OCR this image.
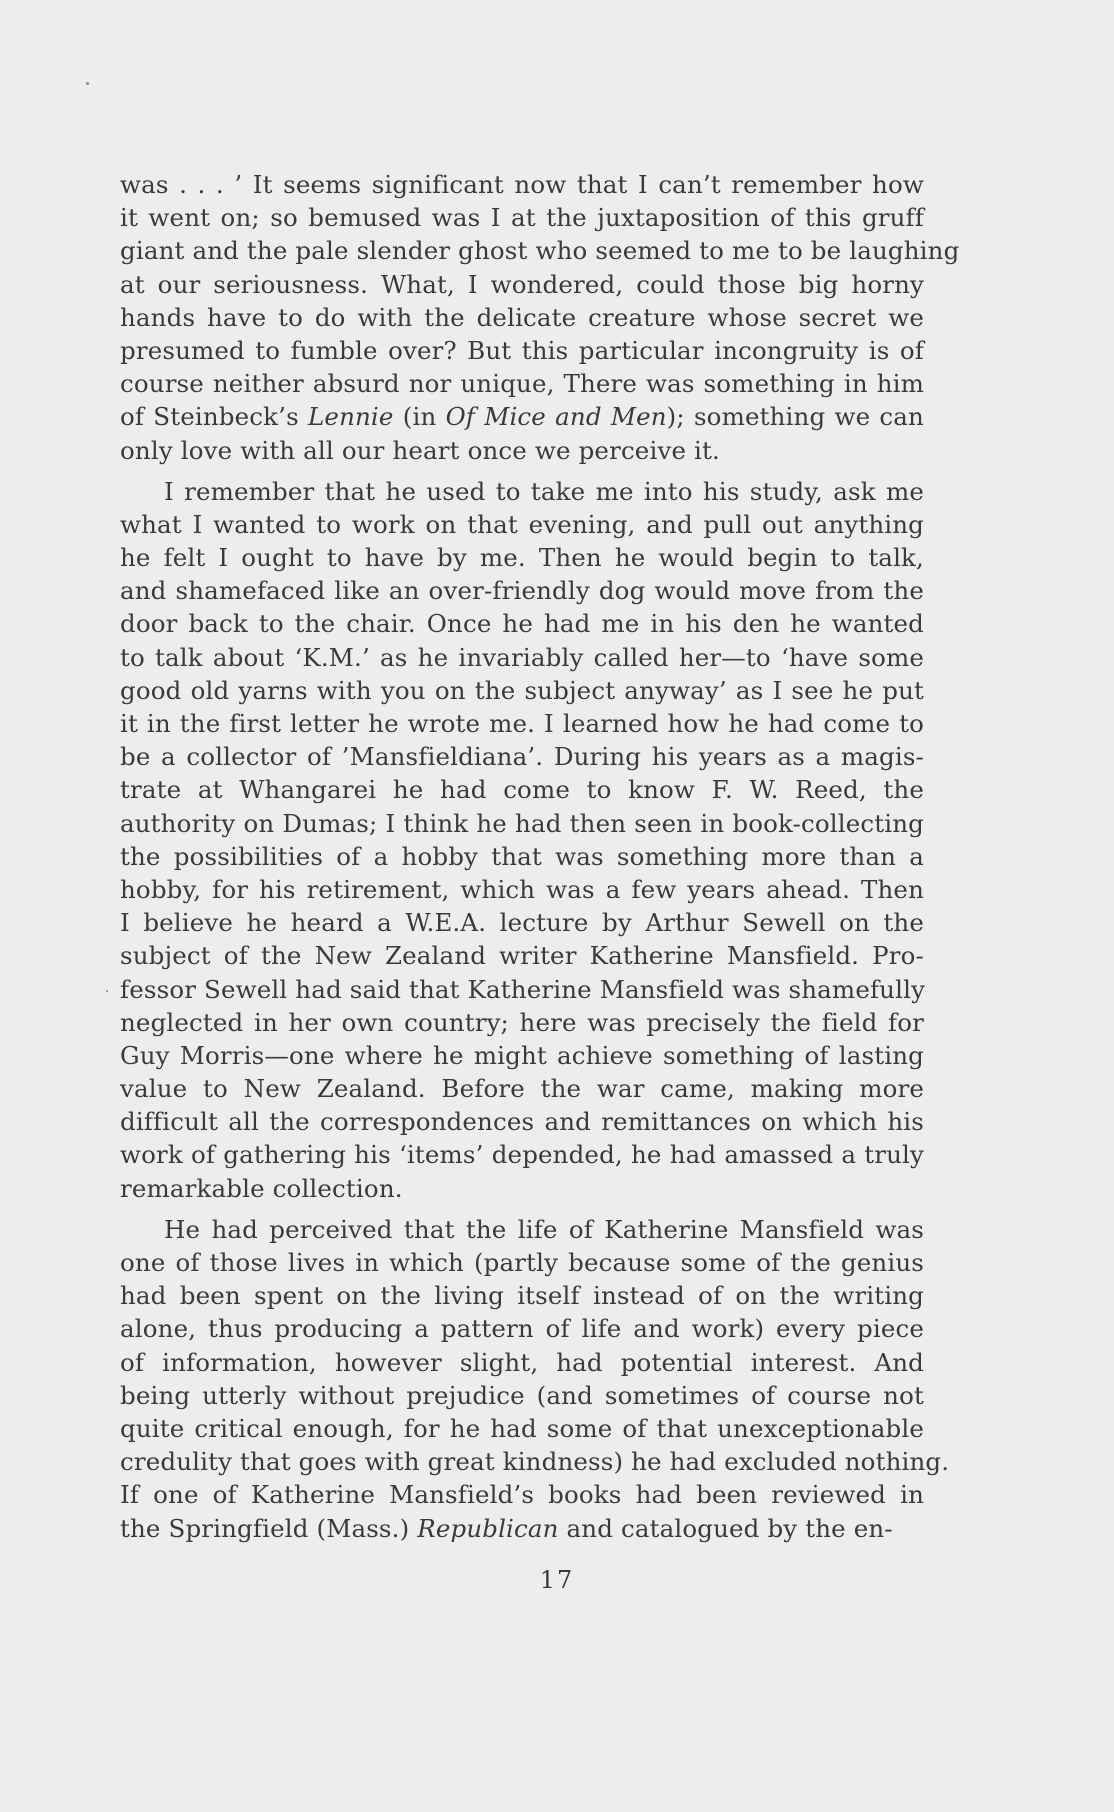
was . . . ’ It seems significant now that I can’t remember how
it went on; so bemused was I at the juxtaposition of this gruff
giant and the pale slender ghost who seemed to me to be laughing
at our seriousness. What, I wondered, could those big horny
hands have to do with the delicate creature whose secret we
presumed to fumble over? But this particular incongruity is of
course neither absurd nor unique, There was something in him
of Steinbeck’s Lennie (in Of Mice and Men); something we can
only love with all our heart once we perceive it.
I remember that he used to take me into his study, ask me
what I wanted to work on that evening, and pull out anything
he felt I ought to have by me. Then he would begin to talk,
and shamefaced like an over-friendly dog would move from the
door back to the chair. Once he had me in his den he wanted
to talk about ‘K.M.’ as he invariably called her—to ‘have some
good old yarns with you on the subject anyway’ as I see he put
it in the first letter he wrote me. I learned how he had come to
be a collector of ’Mansfieldiana’. During his years as a magis-
trate at Whangarei he had come to know F. W. Reed, the
authority on Dumas; I think he had then seen in book-collecting
the possibilities of a hobby that was something more than a
hobby, for his retirement, which was a few years ahead. Then
I believe he heard a W.E.A. lecture by Arthur Sewell on the
subject of the New Zealand writer Katherine Mansfield. Pro-
fessor Sewell had said that Katherine Mansfield was shamefully
neglected in her own country; here was precisely the field for
Guy Morris—one where he might achieve something of lasting
value to New Zealand. Before the war came, making more
difficult all the correspondences and remittances on which his
work of gathering his ‘items’ depended, he had amassed a truly
remarkable collection.
He had perceived that the life of Katherine Mansfield was
one of those lives in which (partly because some of the genius
had been spent on the living itself instead of on the writing
alone, thus producing a pattern of life and work) every piece
of information, however slight, had potential interest. And
being utterly without prejudice (and sometimes of course not
quite critical enough, for he had some of that unexceptionable
credulity that goes with great kindness) he had excluded nothing.
If one of Katherine Mansfield’s books had been reviewed in
the Springfield (Mass.) Republican and catalogued by the en-
17
